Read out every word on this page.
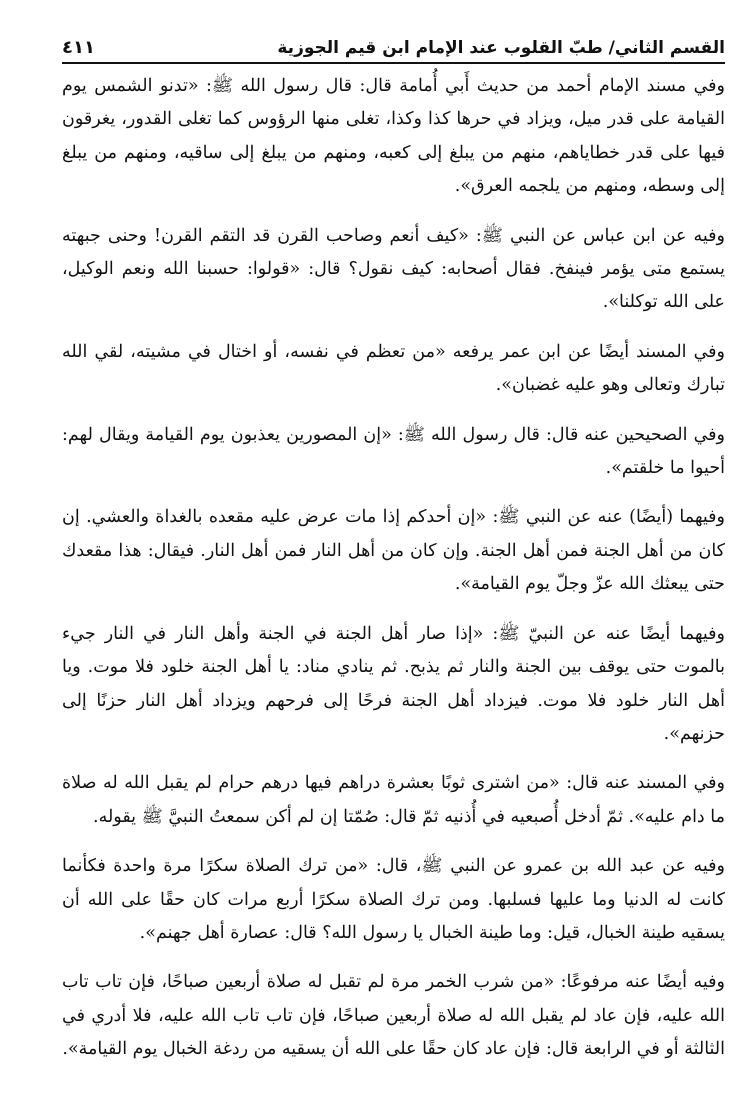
القسم الثاني/ طبّ القلوب عند الإمام ابن قيم الجوزية
٤١١

وفي مسند الإمام أحمد من حديث أَبي أُمامة قال: قال رسول الله ﷺ: «تدنو الشمس يوم القيامة على قدر ميل، ويزاد في حرها كذا وكذا، تغلى منها الرؤوس كما تغلى القدور، يغرقون فيها على قدر خطاياهم، منهم من يبلغ إلى كعبه، ومنهم من يبلغ إلى ساقيه، ومنهم من يبلغ إلى وسطه، ومنهم من يلجمه العرق».

وفيه عن ابن عباس عن النبي ﷺ: «كيف أنعم وصاحب القرن قد التقم القرن! وحنى جبهته يستمع متى يؤمر فينفخ. فقال أصحابه: كيف نقول؟ قال: «قولوا: حسبنا الله ونعم الوكيل، على الله توكلنا».

وفي المسند أيضًا عن ابن عمر يرفعه «من تعظم في نفسه، أو اختال في مشيته، لقي الله تبارك وتعالى وهو عليه غضبان».

وفي الصحيحين عنه قال: قال رسول الله ﷺ: «إن المصورين يعذبون يوم القيامة ويقال لهم: أحيوا ما خلقتم».

وفيهما (أيضًا) عنه عن النبي ﷺ: «إن أحدكم إذا مات عرض عليه مقعده بالغداة والعشي. إن كان من أهل الجنة فمن أهل الجنة. وإن كان من أهل النار فمن أهل النار. فيقال: هذا مقعدك حتى يبعثك الله عزّ وجلّ يوم القيامة».

وفيهما أيضًا عنه عن النبيّ ﷺ: «إذا صار أهل الجنة في الجنة وأهل النار في النار جيء بالموت حتى يوقف بين الجنة والنار ثم يذبح. ثم ينادي مناد: يا أهل الجنة خلود فلا موت. ويا أهل النار خلود فلا موت. فيزداد أهل الجنة فرحًا إلى فرحهم ويزداد أهل النار حزنًا إلى حزنهم».

وفي المسند عنه قال: «من اشترى ثوبًا بعشرة دراهم فيها درهم حرام لم يقبل الله له صلاة ما دام عليه». ثمّ أدخل أُصبعيه في أُذنيه ثمّ قال: صُمّتا إن لم أكن سمعتُ النبيَّ ﷺ يقوله.

وفيه عن عبد الله بن عمرو عن النبي ﷺ، قال: «من ترك الصلاة سكرًا مرة واحدة فكأنما كانت له الدنيا وما عليها فسلبها. ومن ترك الصلاة سكرًا أربع مرات كان حقًا على الله أن يسقيه طينة الخبال، قيل: وما طينة الخبال يا رسول الله؟ قال: عصارة أهل جهنم».

وفيه أيضًا عنه مرفوعًا: «من شرب الخمر مرة لم تقبل له صلاة أربعين صباحًا، فإن تاب تاب الله عليه، فإن عاد لم يقبل الله له صلاة أربعين صباحًا، فإن تاب تاب الله عليه، فلا أدري في الثالثة أو في الرابعة قال: فإن عاد كان حقًا على الله أن يسقيه من ردغة الخبال يوم القيامة».
